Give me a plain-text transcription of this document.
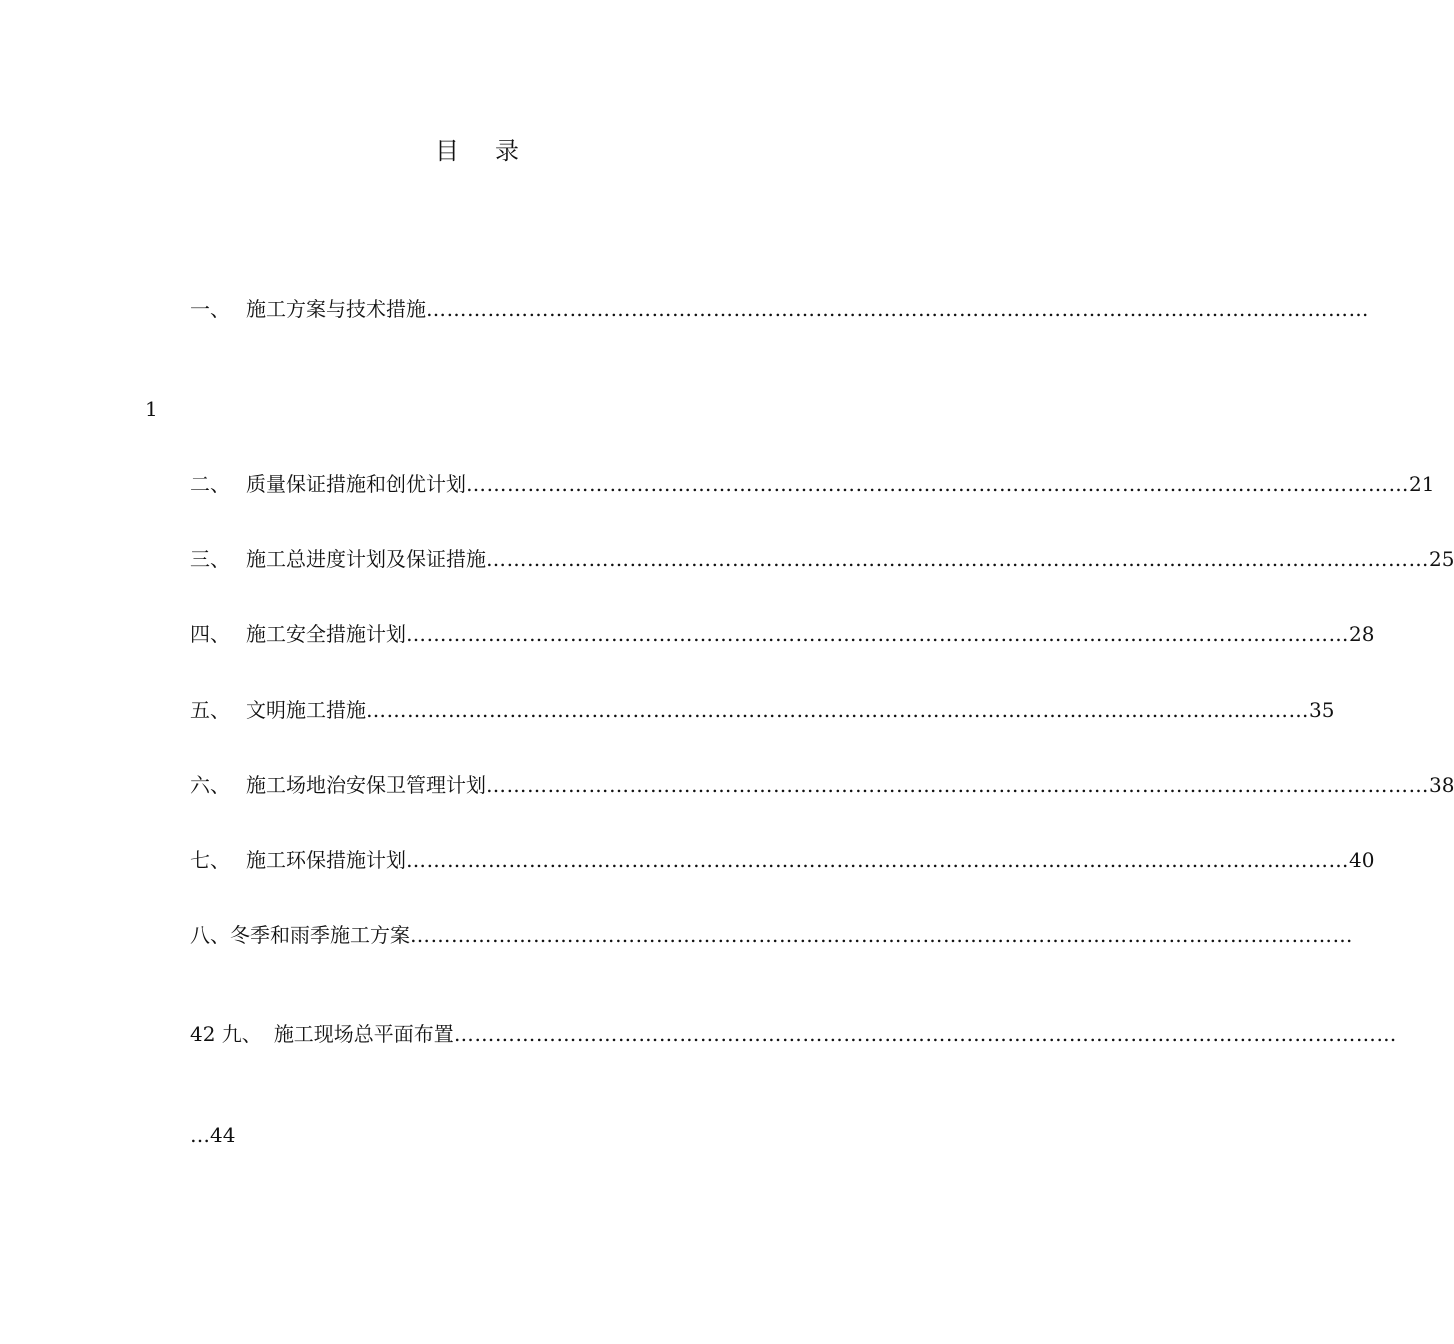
目录
一、 施工方案与技术措施 …………………………………………………………………………………………………………………………
1
二、 质量保证措施和创优计划 ………………………………………………………………………………………………………………………… 21
三、 施工总进度计划及保证措施 ………………………………………………………………………………………………………………………… 25
四、 施工安全措施计划 ………………………………………………………………………………………………………………………… 28
五、 文明施工措施 ………………………………………………………………………………………………………………………… 35
六、 施工场地治安保卫管理计划 ………………………………………………………………………………………………………………………… 38
七、 施工环保措施计划 ………………………………………………………………………………………………………………………… 40
八、 冬季和雨季施工方案 …………………………………………………………………………………………………………………………
42 九、 施工现场总平面布置 …………………………………………………………………………………………………………………………
…44
